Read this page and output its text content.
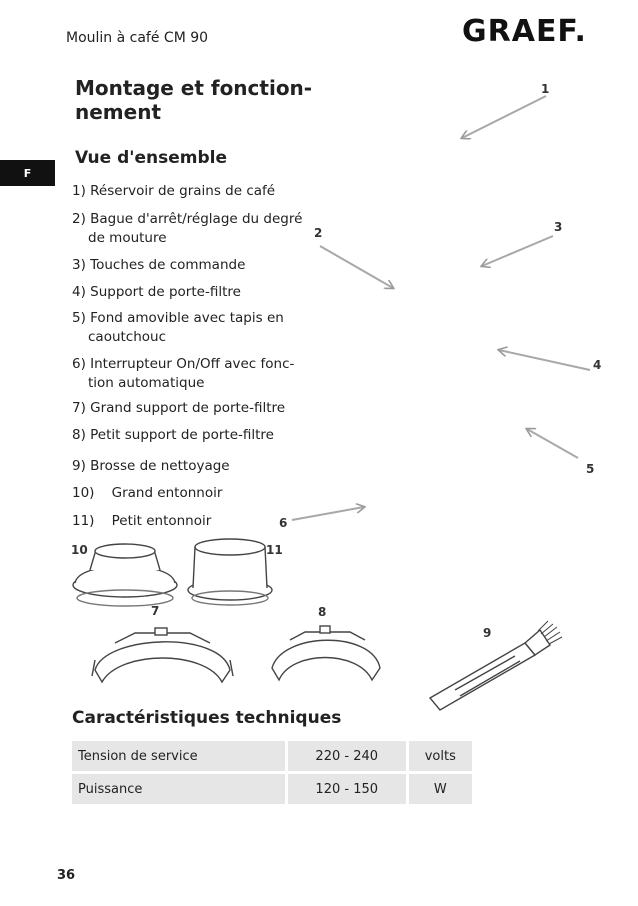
Moulin à café CM 90	GRAEF.
F
Montage et fonction-
nement
Vue d'ensemble
1) Réservoir de grains de café
2) Bague d'arrêt/réglage du degré
de mouture
3) Touches de commande
4) Support de porte-filtre
5) Fond amovible avec tapis en
caoutchouc
6) Interrupteur On/Off avec fonc-
tion automatique
7) Grand support de porte-filtre
8) Petit support de porte-filtre
9) Brosse de nettoyage
10)    Grand entonnoir
11)    Petit entonnoir
1
2	3
4
5
6
10	11
7	8
9
Caractéristiques techniques
Tension de service	220 - 240	volts
Puissance	120 - 150	W
36
